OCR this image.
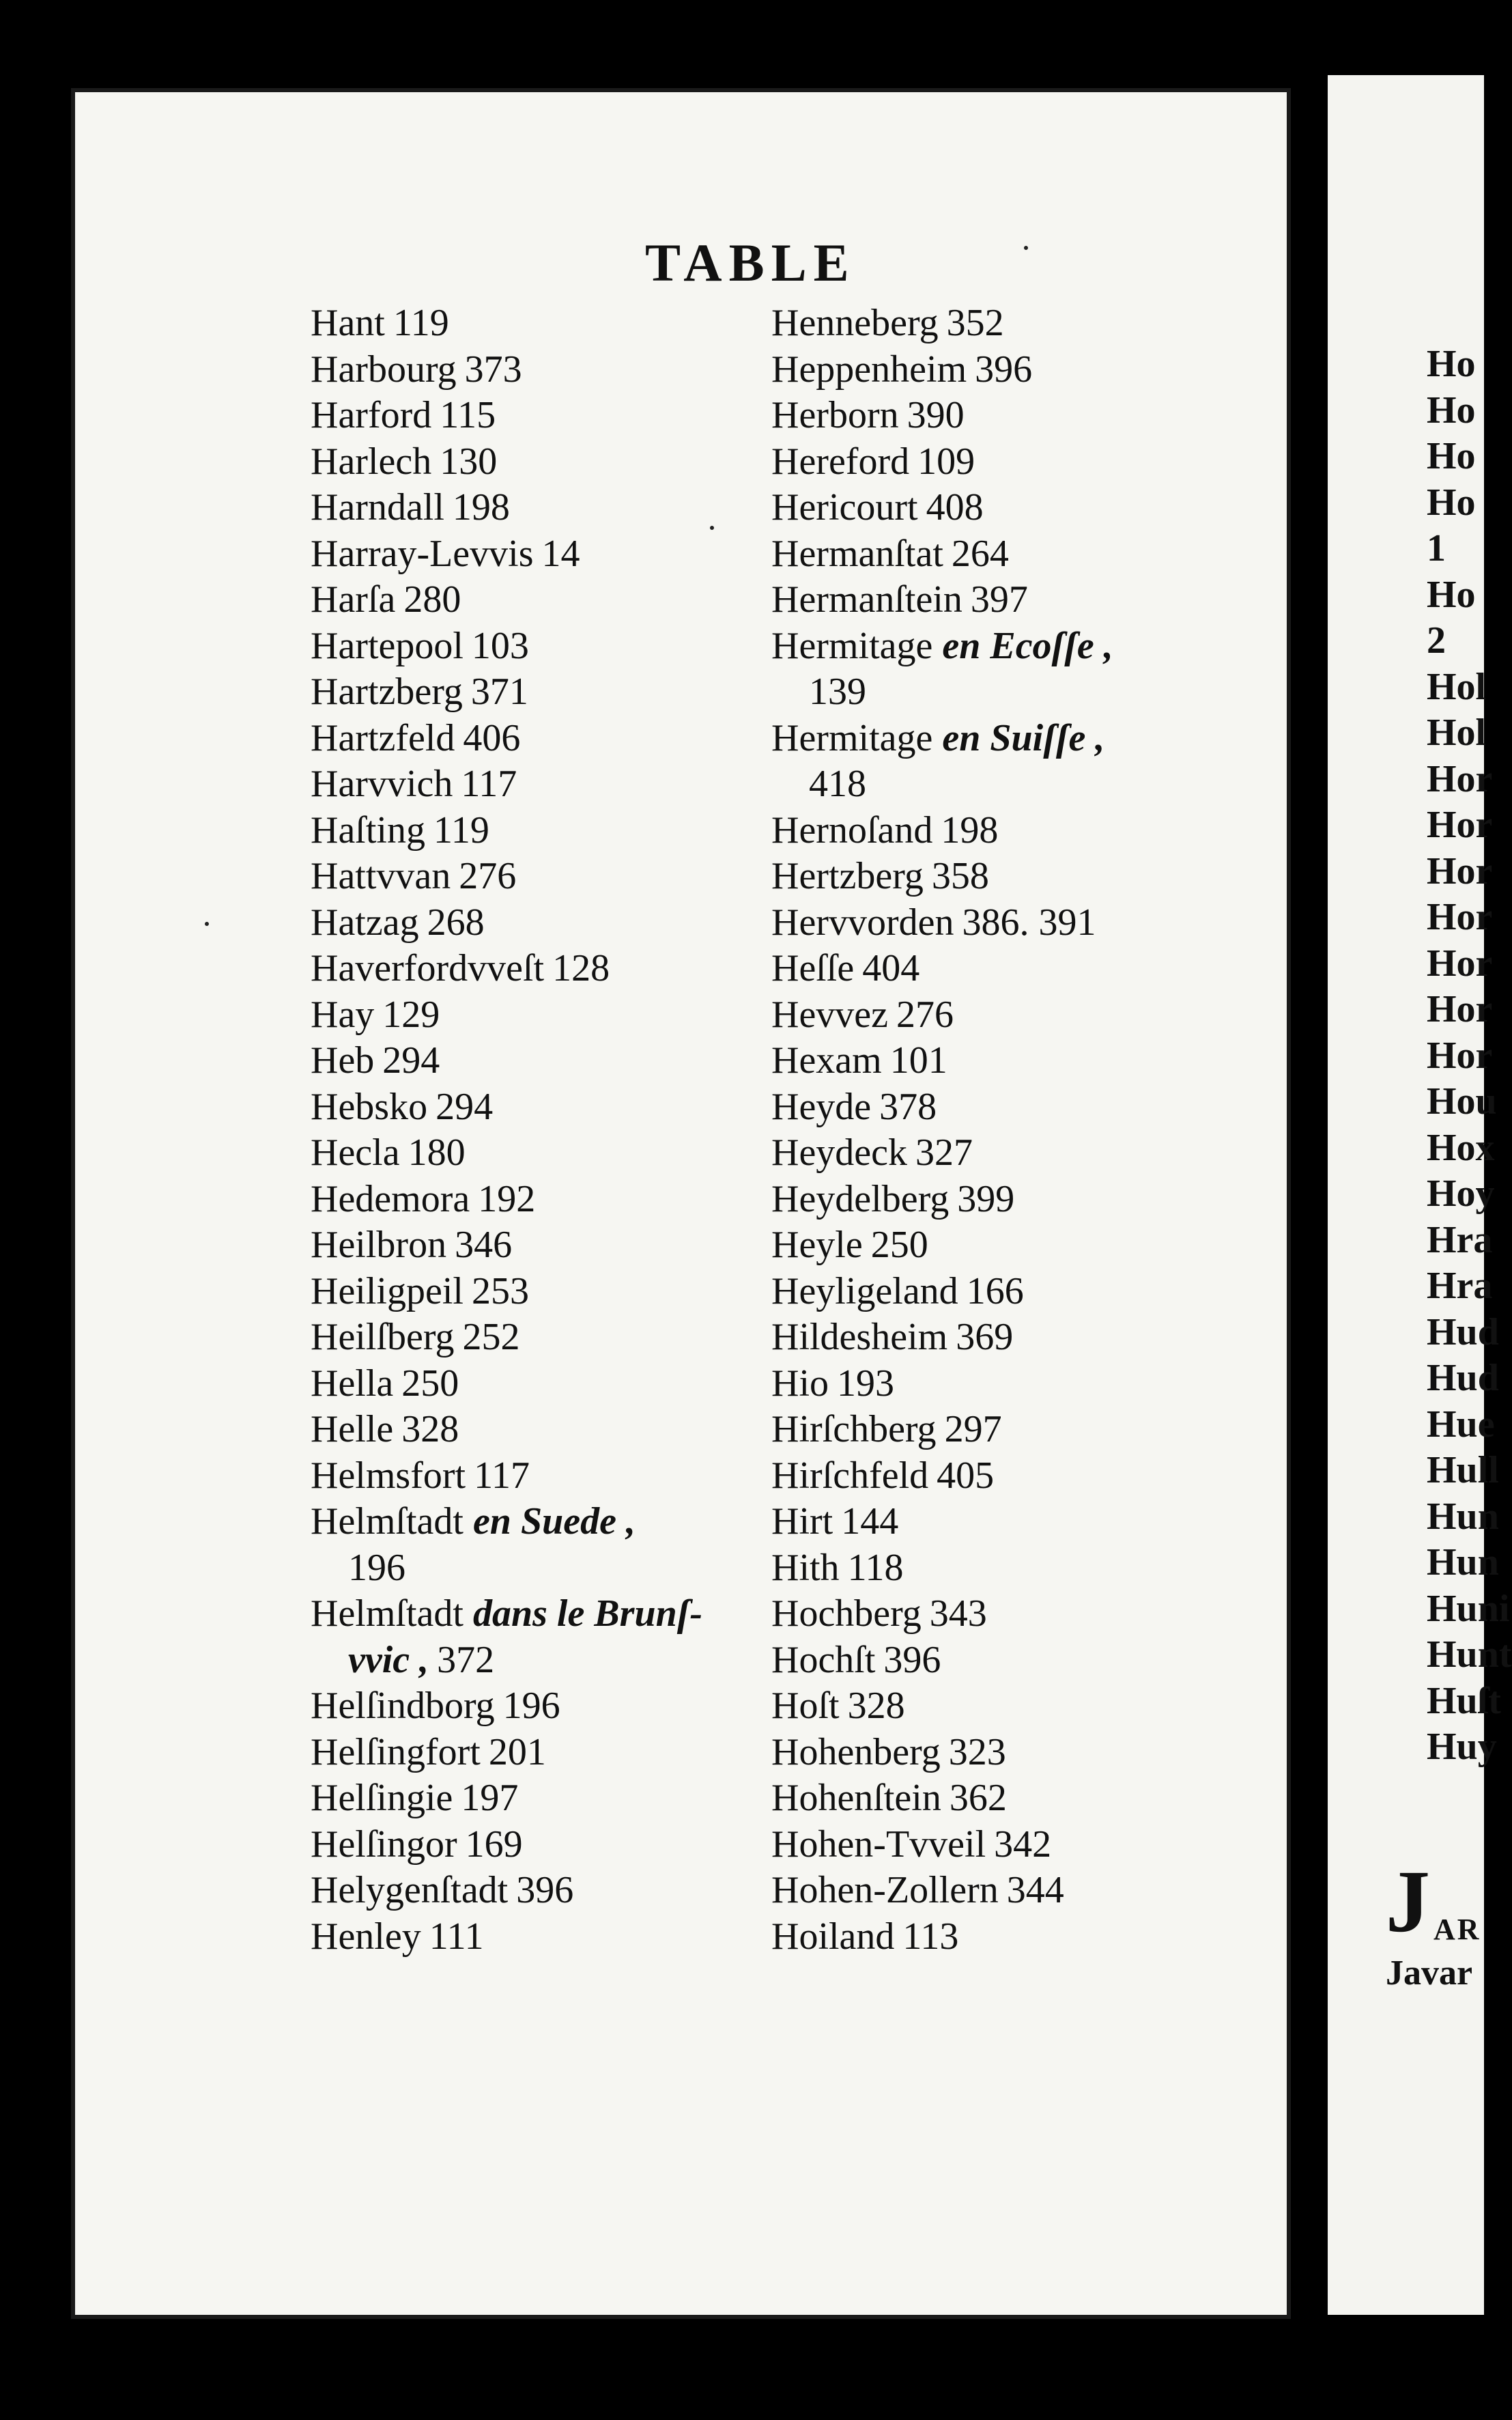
TABLE
Hant 119
Harbourg 373
Harford 115
Harlech 130
Harndall 198
Harray-Levvis 14
Harſa 280
Hartepool 103
Hartzberg 371
Hartzfeld 406
Harvvich 117
Haſting 119
Hattvvan 276
Hatzag 268
Haverfordvveſt 128
Hay 129
Heb 294
Hebsko 294
Hecla 180
Hedemora 192
Heilbron 346
Heiligpeil 253
Heilſberg 252
Hella 250
Helle 328
Helmsfort 117
Helmſtadt en Suede ,
196
Helmſtadt dans le Brunſ-
vvic , 372
Helſindborg 196
Helſingfort 201
Helſingie 197
Helſingor 169
Helygenſtadt 396
Henley 111
Henneberg 352
Heppenheim 396
Herborn 390
Hereford 109
Hericourt 408
Hermanſtat 264
Hermanſtein 397
Hermitage en Ecoſſe ,
139
Hermitage en Suiſſe ,
418
Hernoſand 198
Hertzberg 358
Hervvorden 386. 391
Heſſe 404
Hevvez 276
Hexam 101
Heyde 378
Heydeck 327
Heydelberg 399
Heyle 250
Heyligeland 166
Hildesheim 369
Hio 193
Hirſchberg 297
Hirſchfeld 405
Hirt 144
Hith 118
Hochberg 343
Hochſt 396
Hoſt 328
Hohenberg 323
Hohenſtein 362
Hohen-Tvveil 342
Hohen-Zollern 344
Hoiland 113
Ho
Ho
Ho
Ho
1
Ho
2
Hol
Hol
Hor
Hor
Hor
Hor
Hor
Hor
Hor
Hou
Hox
Hoy
Hra
Hra
Hud
Hud
Hue
Hull
Hun
Hun
Huni
Hunt
Huſt
Huy
J AR
Javar
